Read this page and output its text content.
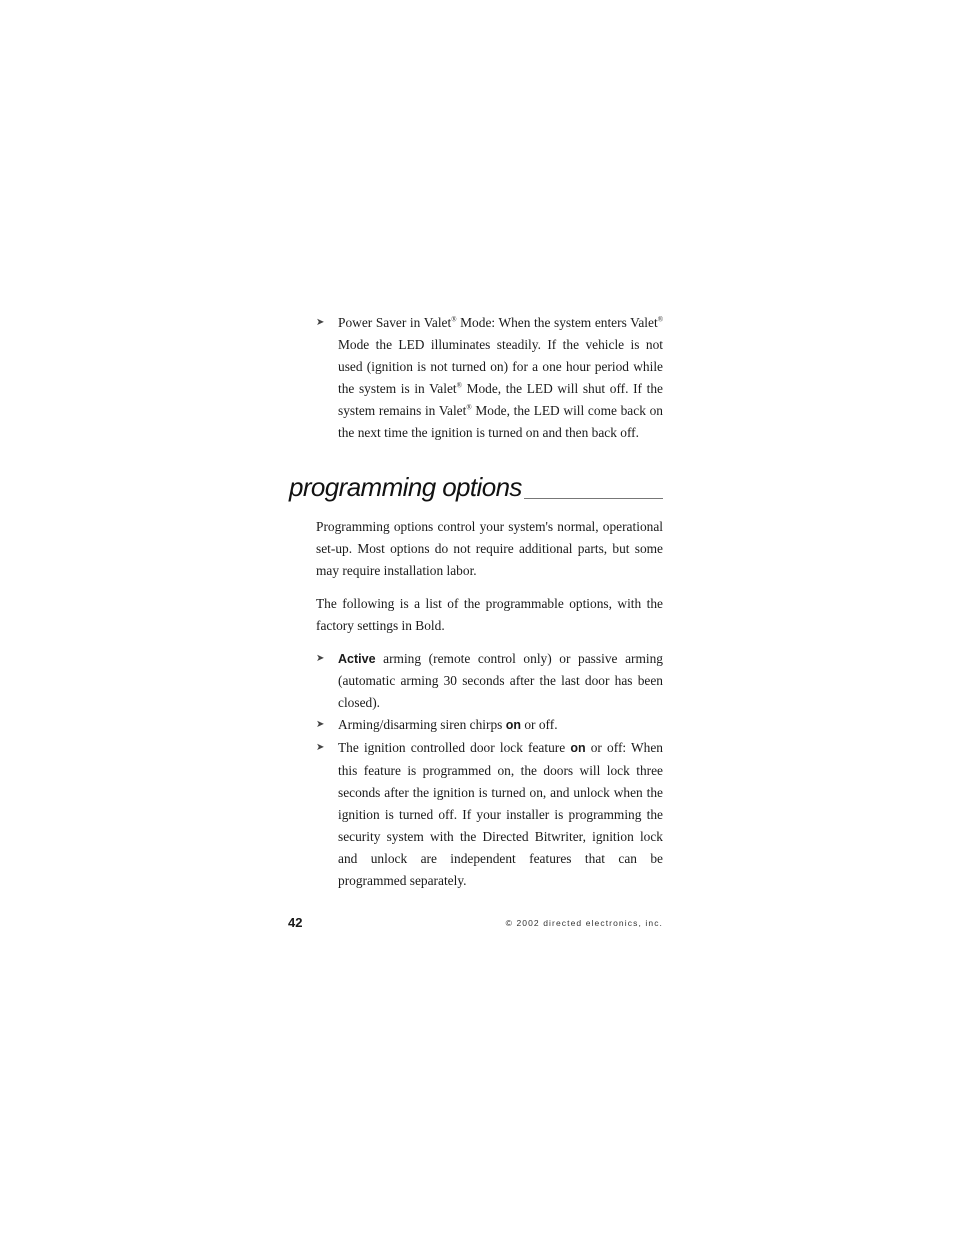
➤ Power Saver in Valet® Mode: When the system enters Valet® Mode the LED illuminates steadily. If the vehicle is not used (ignition is not turned on) for a one hour period while the system is in Valet® Mode, the LED will shut off. If the system remains in Valet® Mode, the LED will come back on the next time the ignition is turned on and then back off.
programming options

Programming options control your system's normal, operational set-up. Most options do not require additional parts, but some may require installation labor.

The following is a list of the programmable options, with the factory settings in Bold.

➤ Active arming (remote control only) or passive arming (automatic arming 30 seconds after the last door has been closed).
➤ Arming/disarming siren chirps on or off.
➤ The ignition controlled door lock feature on or off: When this feature is programmed on, the doors will lock three seconds after the ignition is turned on, and unlock when the ignition is turned off. If your installer is programming the security system with the Directed Bitwriter, ignition lock and unlock are independent features that can be programmed separately.
42	© 2002 directed electronics, inc.
